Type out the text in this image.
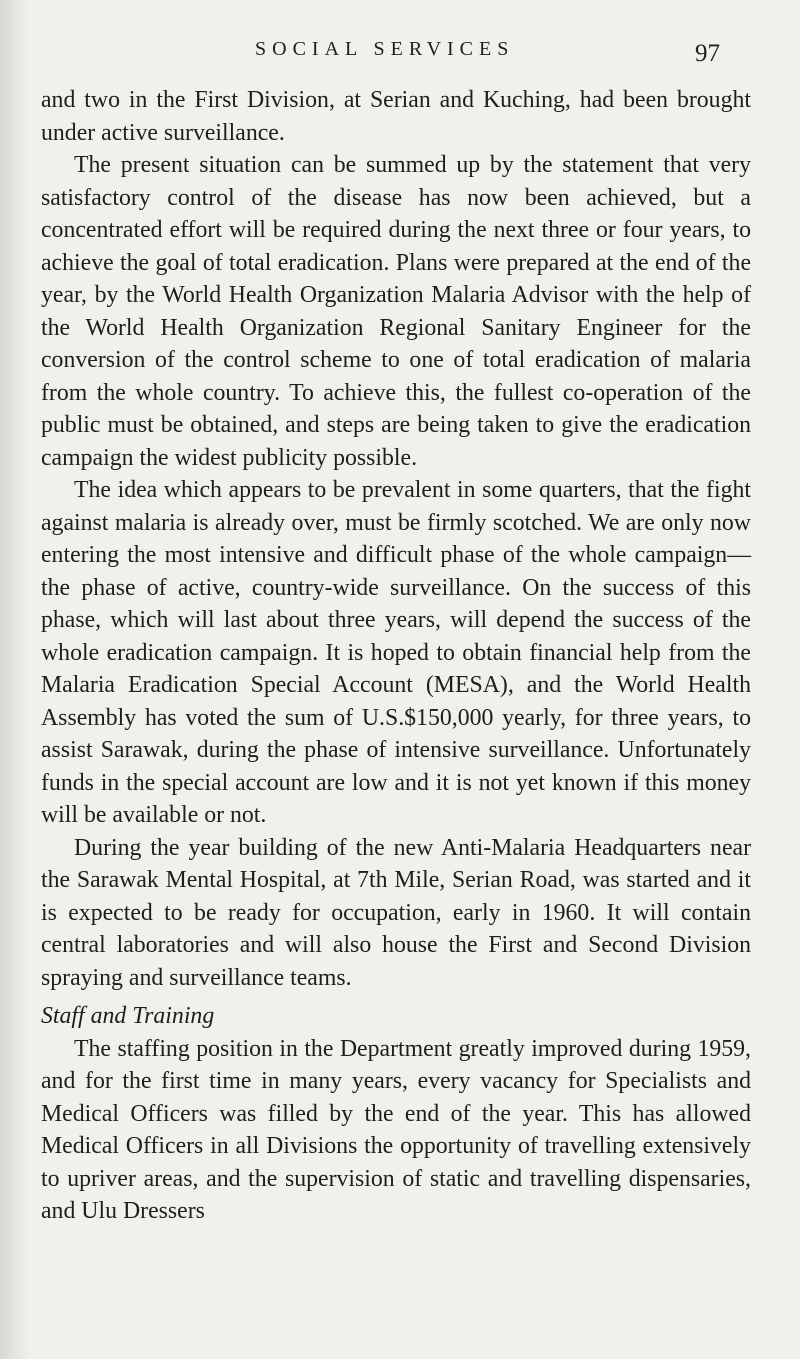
SOCIAL SERVICES	97

and two in the First Division, at Serian and Kuching, had been brought under active surveillance.

The present situation can be summed up by the statement that very satisfactory control of the disease has now been achieved, but a concentrated effort will be required during the next three or four years, to achieve the goal of total eradication. Plans were prepared at the end of the year, by the World Health Organization Malaria Advisor with the help of the World Health Organization Regional Sanitary Engineer for the conversion of the control scheme to one of total eradication of malaria from the whole country. To achieve this, the fullest co-operation of the public must be obtained, and steps are being taken to give the eradication campaign the widest publicity possible.

The idea which appears to be prevalent in some quarters, that the fight against malaria is already over, must be firmly scotched. We are only now entering the most intensive and difficult phase of the whole campaign—the phase of active, country-wide surveillance. On the success of this phase, which will last about three years, will depend the success of the whole eradication campaign. It is hoped to obtain financial help from the Malaria Eradication Special Account (MESA), and the World Health Assembly has voted the sum of U.S.$150,000 yearly, for three years, to assist Sarawak, during the phase of intensive surveillance. Unfortunately funds in the special account are low and it is not yet known if this money will be available or not.

During the year building of the new Anti-Malaria Headquarters near the Sarawak Mental Hospital, at 7th Mile, Serian Road, was started and it is expected to be ready for occupation, early in 1960. It will contain central laboratories and will also house the First and Second Division spraying and surveillance teams.

Staff and Training

The staffing position in the Department greatly improved during 1959, and for the first time in many years, every vacancy for Specialists and Medical Officers was filled by the end of the year. This has allowed Medical Officers in all Divisions the opportunity of travelling extensively to upriver areas, and the supervision of static and travelling dispensaries, and Ulu Dressers
